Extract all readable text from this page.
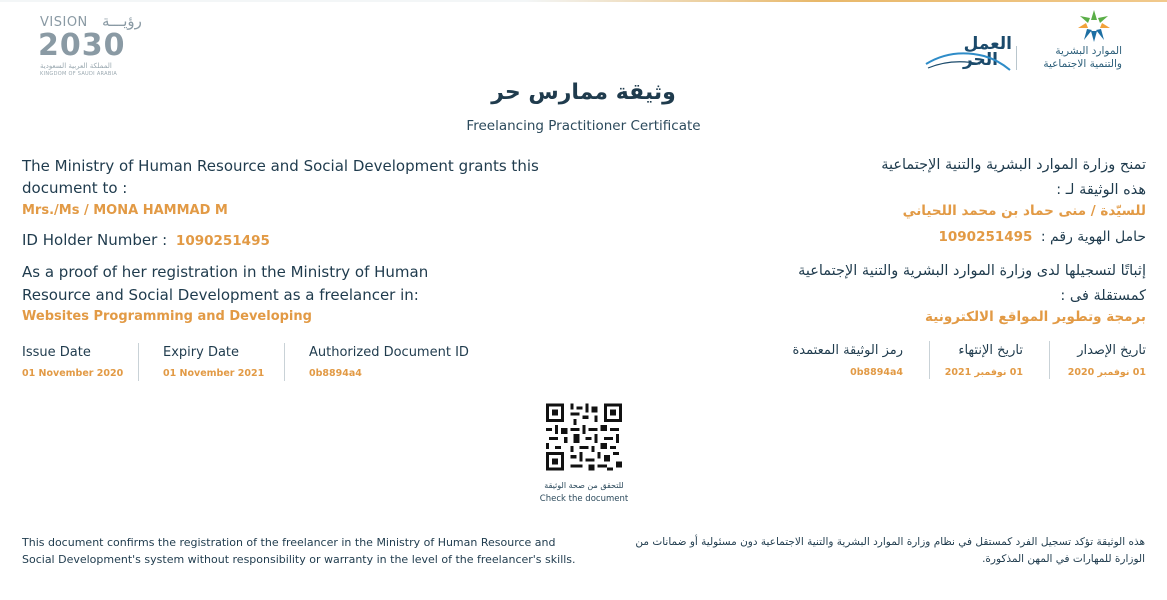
VISION رؤيـــة
2030
المملكة العربية السعودية
KINGDOM OF SAUDI ARABIA
الموارد البشرية
والتنمية الاجتماعية
العمل
الحر
وثيقة ممارس حر
Freelancing Practitioner Certificate
The Ministry of Human Resource and Social Development grants this document to :
Mrs./Ms / MONA HAMMAD M
ID Holder Number : 1090251495
As a proof of her registration in the Ministry of Human Resource and Social Development as a freelancer in:
Websites Programming and Developing
Issue Date
01 November 2020
Expiry Date
01 November 2021
Authorized Document ID
0b8894a4
تمنح وزارة الموارد البشرية والتنية الإجتماعية
هذه الوثيقة لـ :
للسيّدة / منى حماد بن محمد اللحياني
حامل الهوية رقم : 1090251495
إثباتًا لتسجيلها لدى وزارة الموارد البشرية والتنية الإجتماعية
كمستقلة فى :
برمجة وتطوير المواقع الالكترونية
تاريخ الإصدار
01 نوفمبر 2020
تاريخ الإنتهاء
01 نوفمبر 2021
رمز الوثيقة المعتمدة
0b8894a4
للتحقق من صحة الوثيقة
Check the document
This document confirms the registration of the freelancer in the Ministry of Human Resource and Social Development's system without responsibility or warranty in the level of the freelancer's skills.
هذه الوثيقة تؤكد تسجيل الفرد كمستقل في نظام وزارة الموارد البشرية والتنية الاجتماعية دون مسئولية أو ضمانات من الوزارة للمهارات في المهن المذكورة.
